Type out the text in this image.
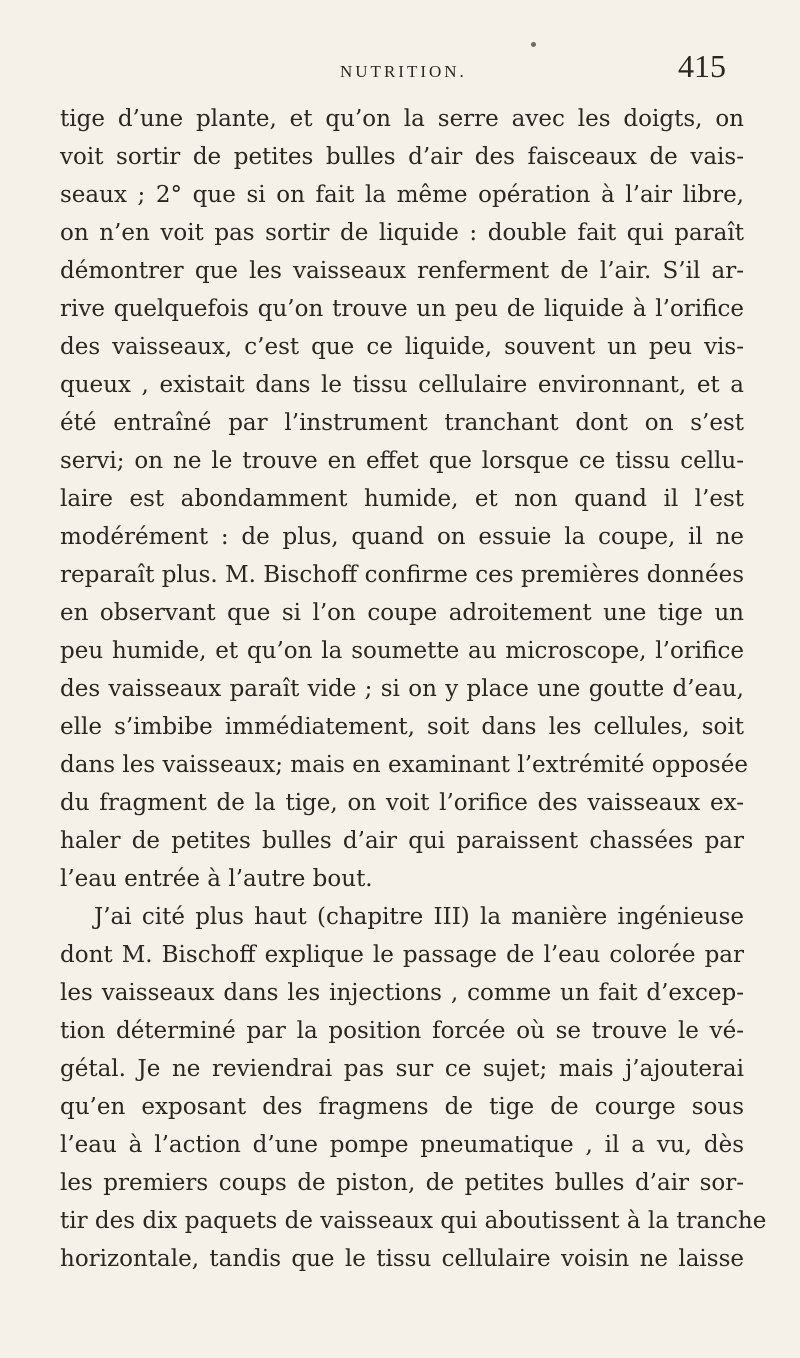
NUTRITION.	415
tige d’une plante, et qu’on la serre avec les doigts, on
voit sortir de petites bulles d’air des faisceaux de vais-
seaux ; 2° que si on fait la même opération à l’air libre,
on n’en voit pas sortir de liquide : double fait qui paraît
démontrer que les vaisseaux renferment de l’air. S’il ar-
rive quelquefois qu’on trouve un peu de liquide à l’orifice
des vaisseaux, c’est que ce liquide, souvent un peu vis-
queux , existait dans le tissu cellulaire environnant, et a
été entraîné par l’instrument tranchant dont on s’est
servi; on ne le trouve en effet que lorsque ce tissu cellu-
laire est abondamment humide, et non quand il l’est
modérément : de plus, quand on essuie la coupe, il ne
reparaît plus. M. Bischoff confirme ces premières données
en observant que si l’on coupe adroitement une tige un
peu humide, et qu’on la soumette au microscope, l’orifice
des vaisseaux paraît vide ; si on y place une goutte d’eau,
elle s’imbibe immédiatement, soit dans les cellules, soit
dans les vaisseaux; mais en examinant l’extrémité opposée
du fragment de la tige, on voit l’orifice des vaisseaux ex-
haler de petites bulles d’air qui paraissent chassées par
l’eau entrée à l’autre bout.
J’ai cité plus haut (chapitre III) la manière ingénieuse
dont M. Bischoff explique le passage de l’eau colorée par
les vaisseaux dans les injections , comme un fait d’excep-
tion déterminé par la position forcée où se trouve le vé-
gétal. Je ne reviendrai pas sur ce sujet; mais j’ajouterai
qu’en exposant des fragmens de tige de courge sous
l’eau à l’action d’une pompe pneumatique , il a vu, dès
les premiers coups de piston, de petites bulles d’air sor-
tir des dix paquets de vaisseaux qui aboutissent à la tranche
horizontale, tandis que le tissu cellulaire voisin ne laisse
